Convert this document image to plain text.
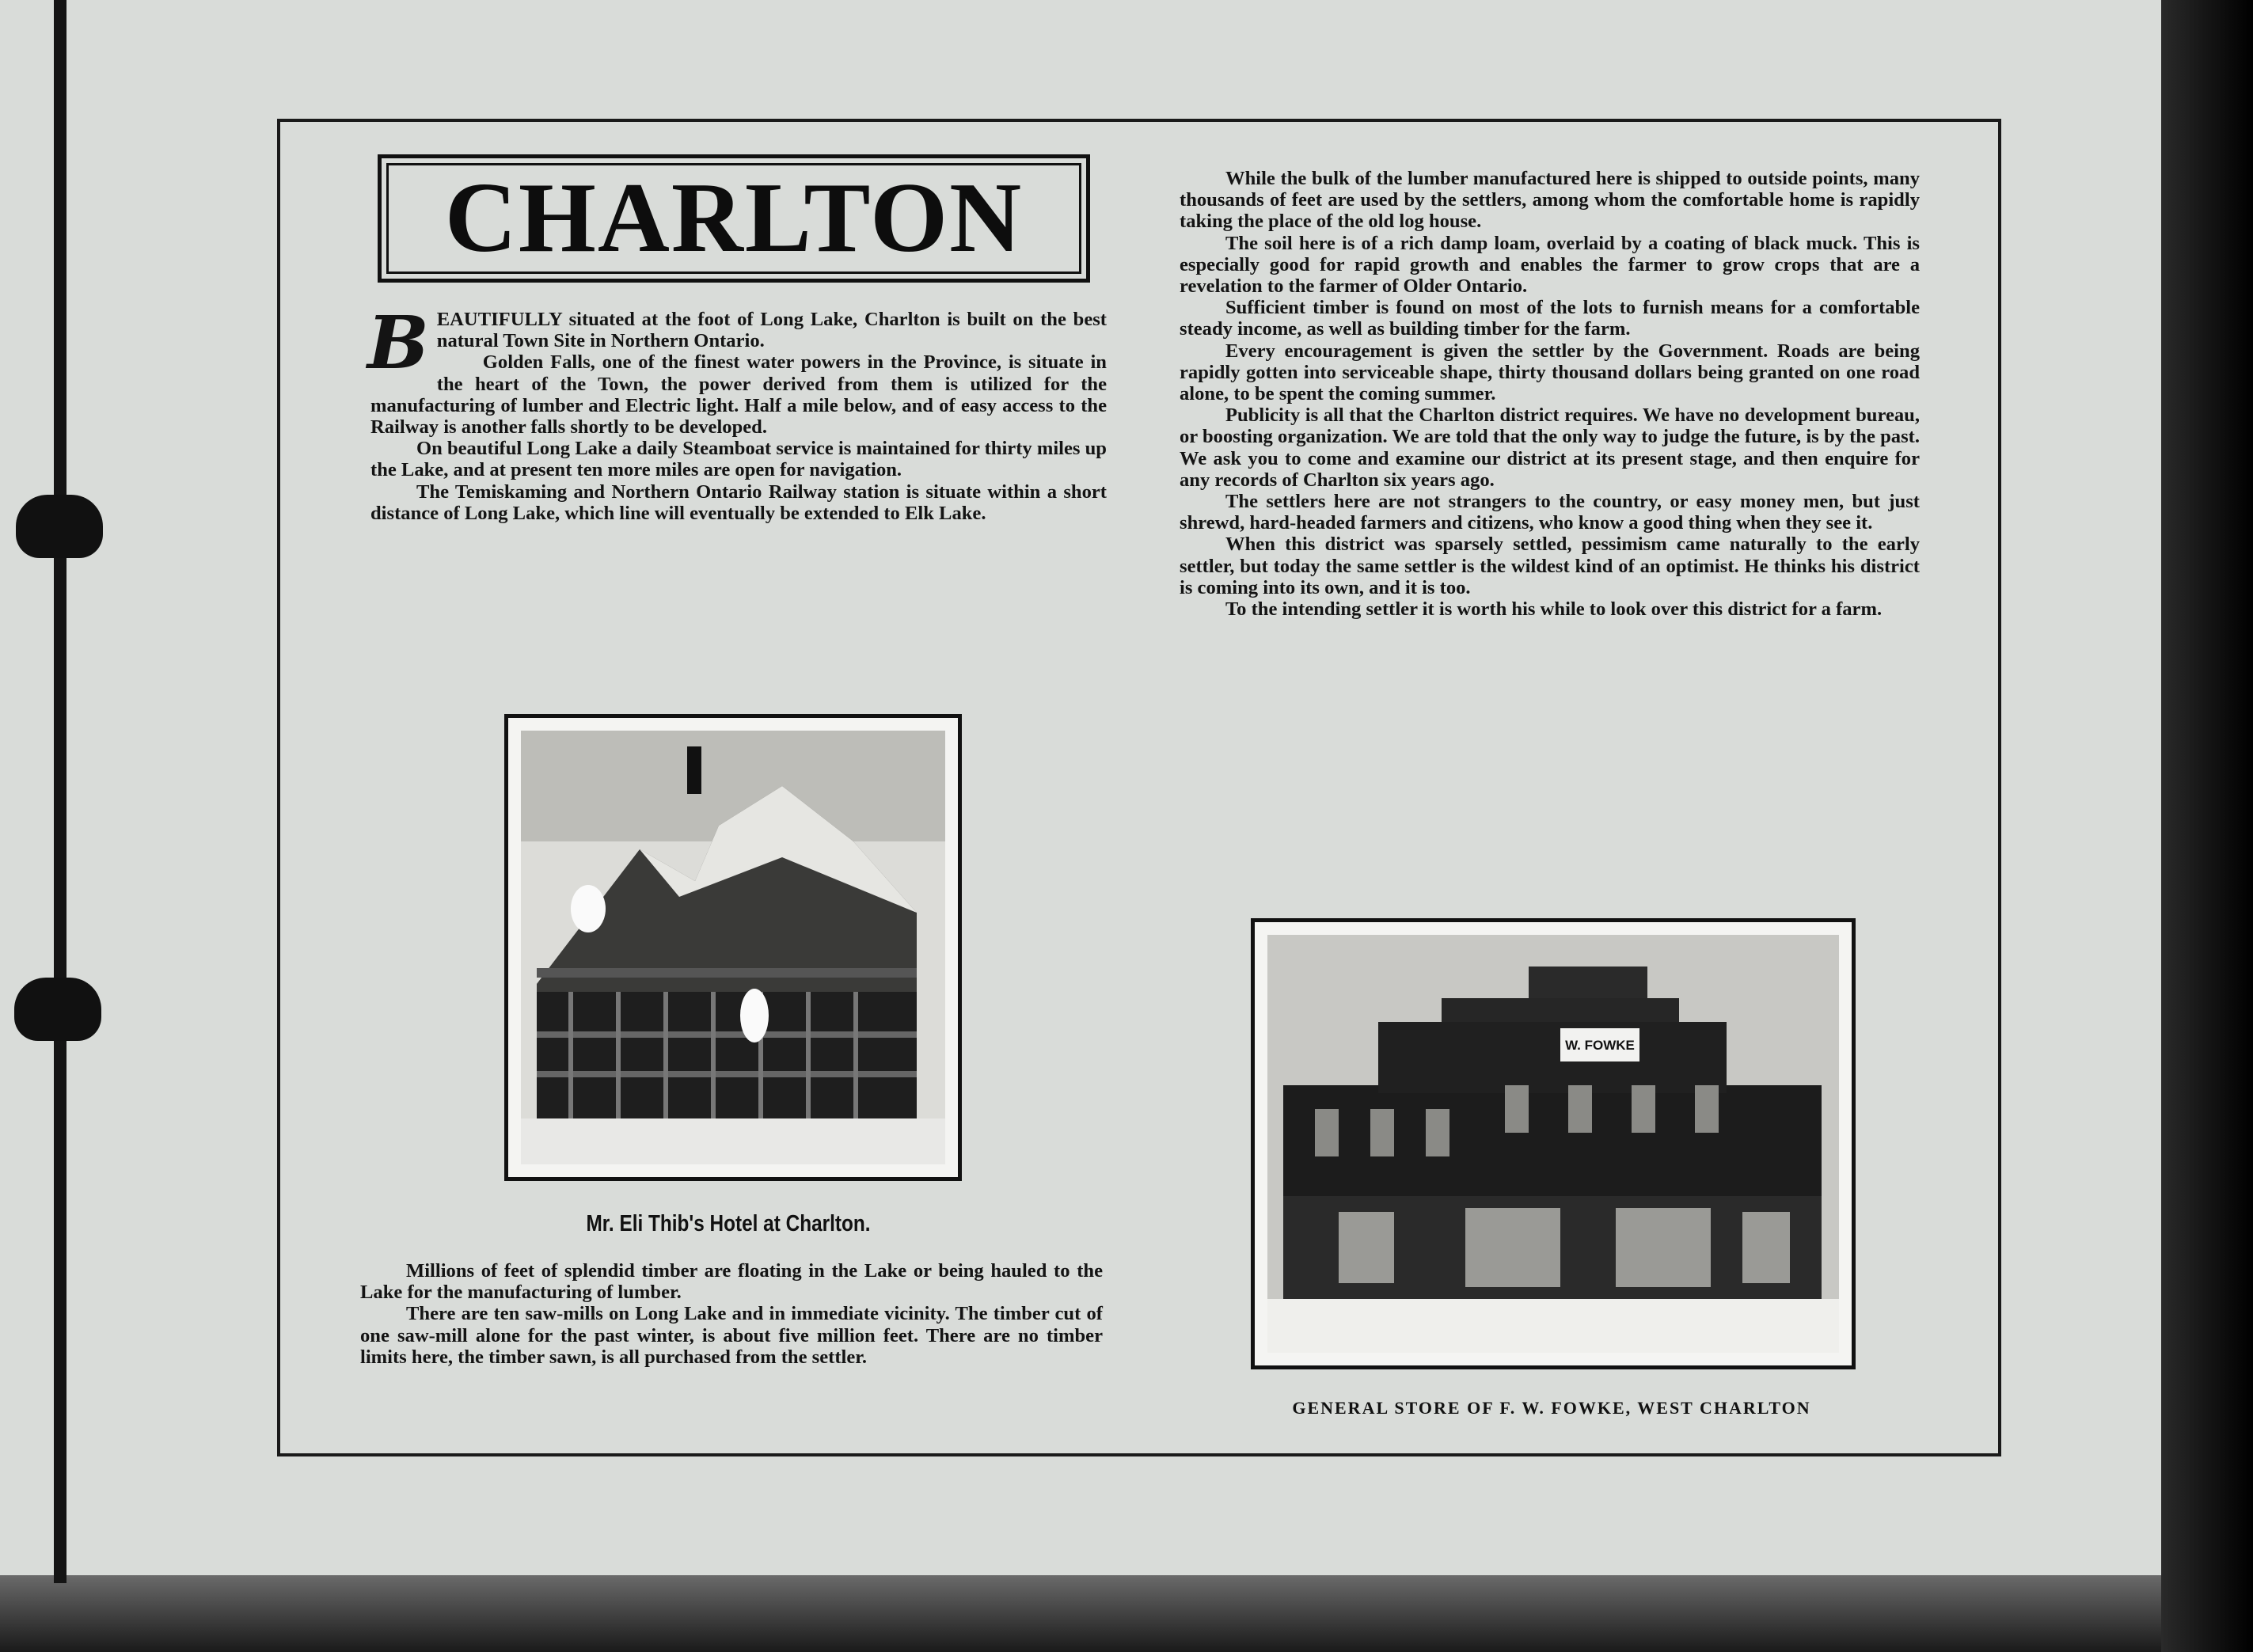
CHARLTON

BEAUTIFULLY situated at the foot of Long Lake, Charlton is built on the best natural Town Site in Northern Ontario.

Golden Falls, one of the finest water powers in the Province, is situate in the heart of the Town, the power derived from them is utilized for the manufacturing of lumber and Electric light. Half a mile below, and of easy access to the Railway is another falls shortly to be developed.

On beautiful Long Lake a daily Steamboat service is maintained for thirty miles up the Lake, and at present ten more miles are open for navigation.

The Temiskaming and Northern Ontario Railway station is situate within a short distance of Long Lake, which line will eventually be extended to Elk Lake.

Mr. Eli Thib's Hotel at Charlton.

Millions of feet of splendid timber are floating in the Lake or being hauled to the Lake for the manufacturing of lumber.

There are ten saw-mills on Long Lake and in immediate vicinity. The timber cut of one saw-mill alone for the past winter, is about five million feet. There are no timber limits here, the timber sawn, is all purchased from the settler.

While the bulk of the lumber manufactured here is shipped to outside points, many thousands of feet are used by the settlers, among whom the comfortable home is rapidly taking the place of the old log house.

The soil here is of a rich damp loam, overlaid by a coating of black muck. This is especially good for rapid growth and enables the farmer to grow crops that are a revelation to the farmer of Older Ontario.

Sufficient timber is found on most of the lots to furnish means for a comfortable steady income, as well as building timber for the farm.

Every encouragement is given the settler by the Government. Roads are being rapidly gotten into serviceable shape, thirty thousand dollars being granted on one road alone, to be spent the coming summer.

Publicity is all that the Charlton district requires. We have no development bureau, or boosting organization. We are told that the only way to judge the future, is by the past. We ask you to come and examine our district at its present stage, and then enquire for any records of Charlton six years ago.

The settlers here are not strangers to the country, or easy money men, but just shrewd, hard-headed farmers and citizens, who know a good thing when they see it.

When this district was sparsely settled, pessimism came naturally to the early settler, but today the same settler is the wildest kind of an optimist. He thinks his district is coming into its own, and it is too.

To the intending settler it is worth his while to look over this district for a farm.

W. FOWKE
GENERAL STORE OF F. W. FOWKE, WEST CHARLTON
